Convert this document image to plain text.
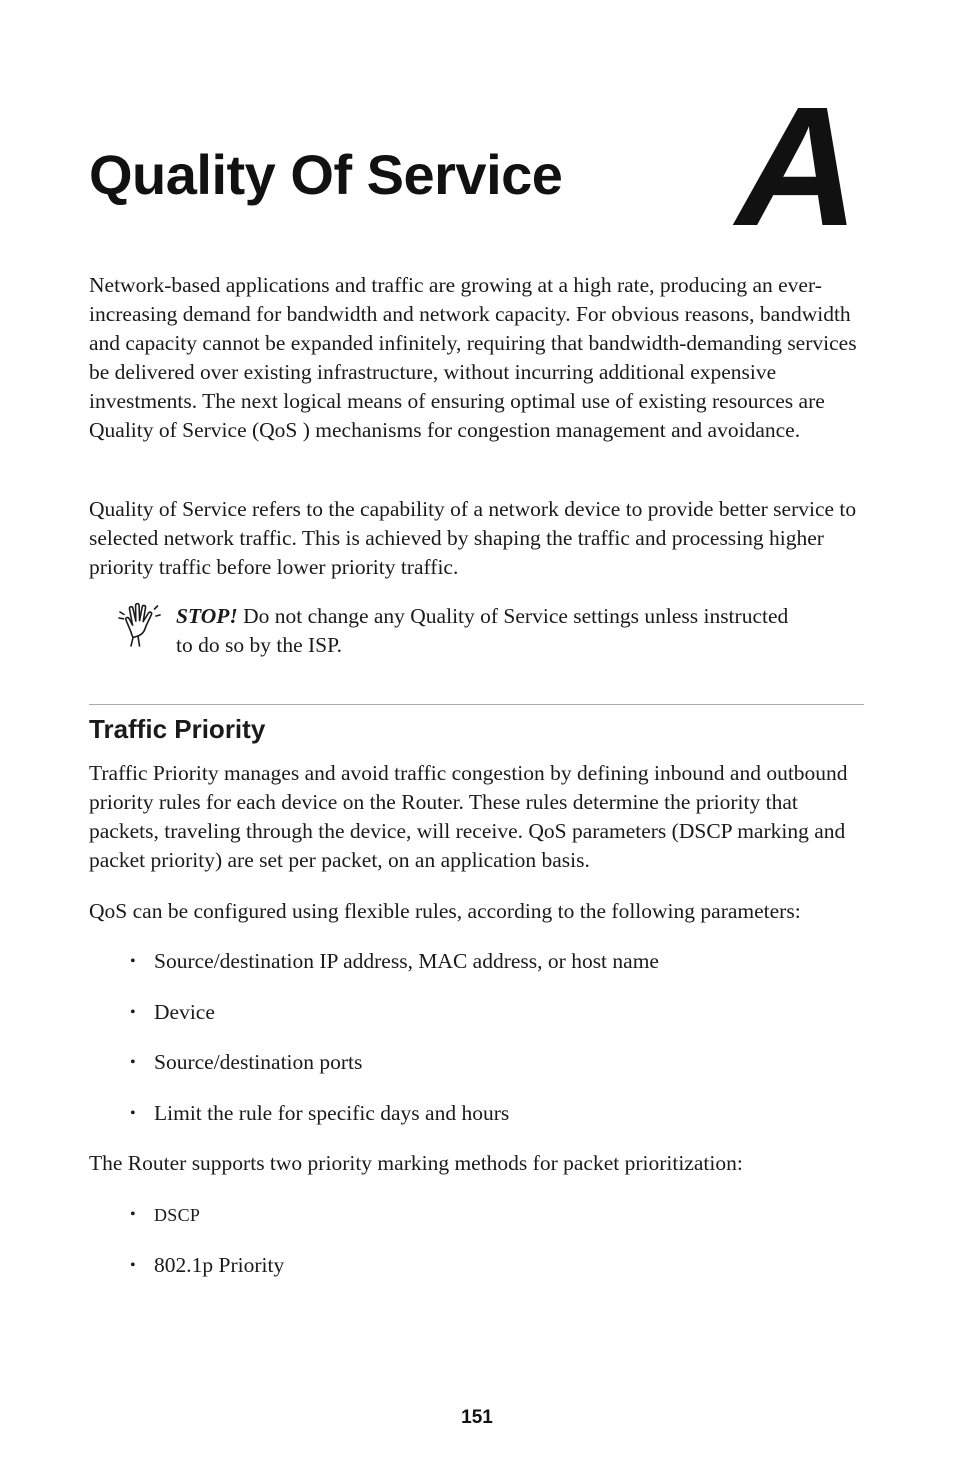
Quality Of Service A

Network-based applications and traffic are growing at a high rate, producing an ever-increasing demand for bandwidth and network capacity. For obvious reasons, bandwidth and capacity cannot be expanded infinitely, requiring that bandwidth-demanding services be delivered over existing infrastructure, without incurring additional expensive investments. The next logical means of ensuring optimal use of existing resources are Quality of Service (QoS ) mechanisms for congestion management and avoidance.

Quality of Service refers to the capability of a network device to provide better service to selected network traffic. This is achieved by shaping the traffic and processing higher priority traffic before lower priority traffic.

STOP! Do not change any Quality of Service settings unless instructed to do so by the ISP.

Traffic Priority

Traffic Priority manages and avoid traffic congestion by defining inbound and outbound priority rules for each device on the Router. These rules determine the priority that packets, traveling through the device, will receive. QoS parameters (DSCP marking and packet priority) are set per packet, on an application basis.

QoS can be configured using flexible rules, according to the following parameters:

• Source/destination IP address, MAC address, or host name
• Device
• Source/destination ports
• Limit the rule for specific days and hours

The Router supports two priority marking methods for packet prioritization:

• DSCP
• 802.1p Priority
151
